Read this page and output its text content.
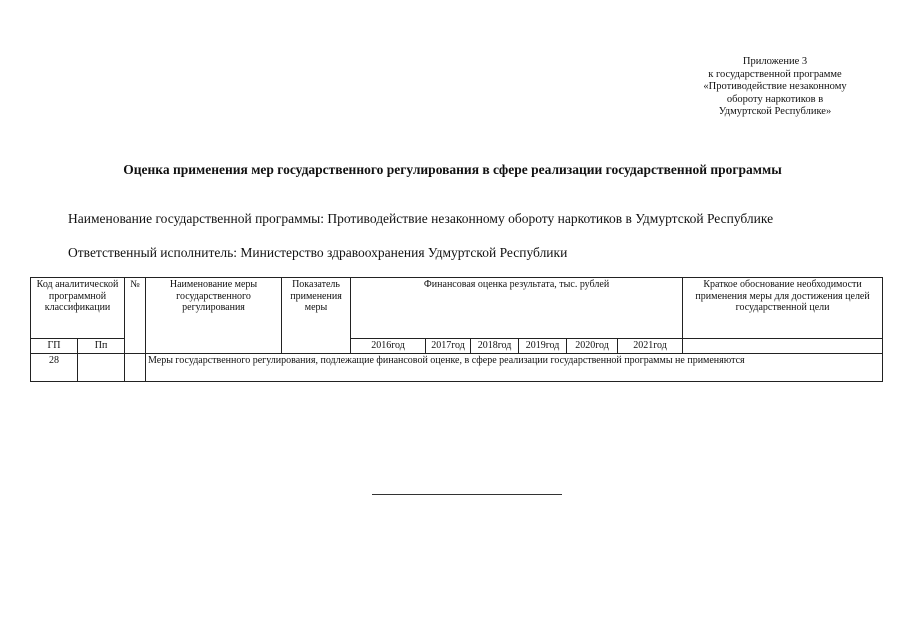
Приложение 3
к государственной программе
«Противодействие незаконному
обороту наркотиков в
Удмуртской Республике»
Оценка применения мер государственного регулирования в сфере реализации государственной программы
Наименование государственной программы: Противодействие незаконному обороту наркотиков в Удмуртской Республике
Ответственный исполнитель: Министерство здравоохранения Удмуртской Республики
Код аналитической программной классификации		№	Наименование меры государственного регулирования	Показатель применения меры	Финансовая оценка результата, тыс. рублей						Краткое обоснование необходимости применения меры для достижения целей государственной цели
ГП	Пп				2016год	2017год	2018год	2019год	2020год	2021год	
28			Меры государственного регулирования, подлежащие финансовой оценке, в сфере реализации государственной программы не применяются								
